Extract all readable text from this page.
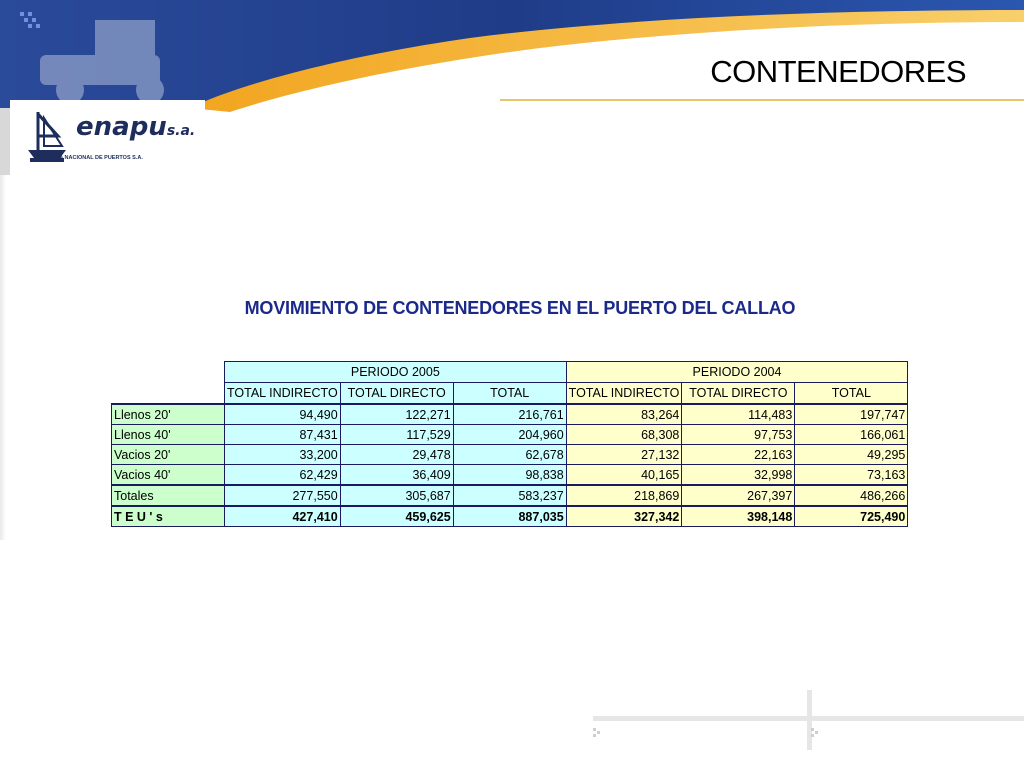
enapus.a.
EMPRESA NACIONAL DE PUERTOS S.A.
CONTENEDORES
MOVIMIENTO DE CONTENEDORES EN EL PUERTO DEL CALLAO
	PERIODO 2005			PERIODO 2004		
	TOTAL INDIRECTO	TOTAL DIRECTO	TOTAL	TOTAL INDIRECTO	TOTAL DIRECTO	TOTAL
Llenos 20'	94,490	122,271	216,761	83,264	114,483	197,747
Llenos 40'	87,431	117,529	204,960	68,308	97,753	166,061
Vacios 20'	33,200	29,478	62,678	27,132	22,163	49,295
Vacios 40'	62,429	36,409	98,838	40,165	32,998	73,163
Totales	277,550	305,687	583,237	218,869	267,397	486,266
T E U ' s	427,410	459,625	887,035	327,342	398,148	725,490
